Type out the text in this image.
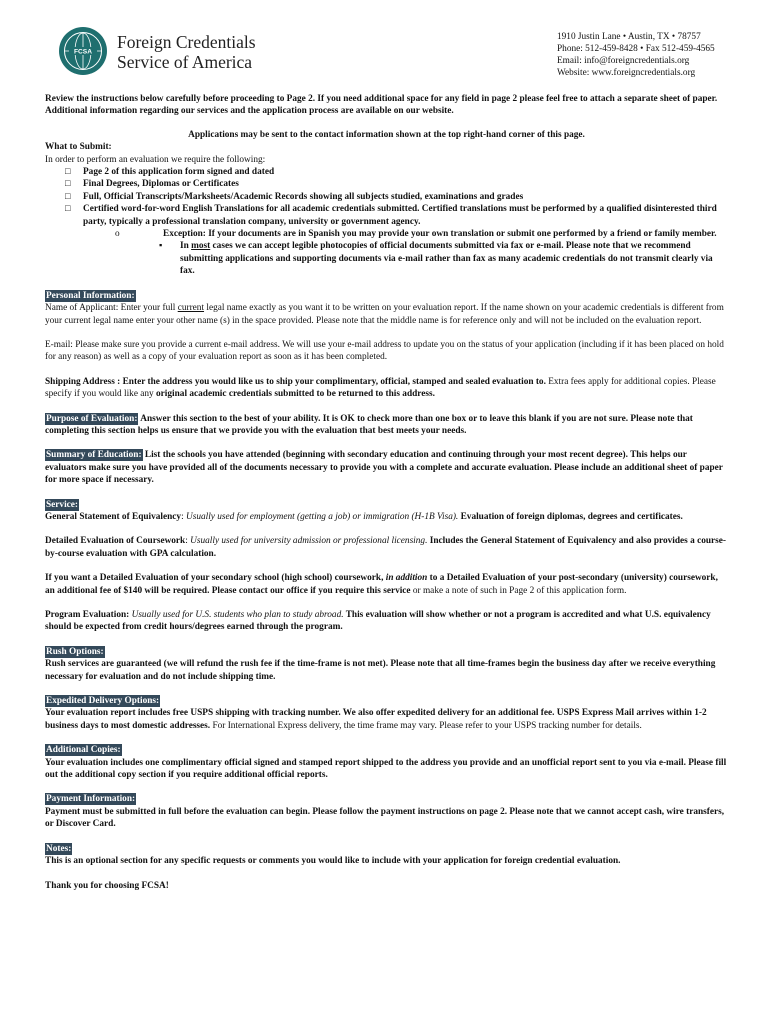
FCSA
Foreign Credentials
Service of America
1910 Justin Lane • Austin, TX • 78757
Phone: 512-459-8428 • Fax 512-459-4565
Email: info@foreigncredentials.org
Website: www.foreigncredentials.org

Review the instructions below carefully before proceeding to Page 2. If you need additional space for any field in page 2 please feel free to attach a separate sheet of paper. Additional information regarding our services and the application process are available on our website.

Applications may be sent to the contact information shown at the top right-hand corner of this page.

What to Submit:

In order to perform an evaluation we require the following:

□ Page 2 of this application form signed and dated
□ Final Degrees, Diplomas or Certificates
□ Full, Official Transcripts/Marksheets/Academic Records showing all subjects studied, examinations and grades
□ Certified word-for-word English Translations for all academic credentials submitted. Certified translations must be performed by a qualified disinterested third party, typically a professional translation company, university or government agency.
o	Exception: If your documents are in Spanish you may provide your own translation or submit one performed by a friend or family member.
▪ In most cases we can accept legible photocopies of official documents submitted via fax or e-mail. Please note that we recommend submitting applications and supporting documents via e-mail rather than fax as many academic credentials do not transmit clearly via fax.

Personal Information:

Name of Applicant: Enter your full current legal name exactly as you want it to be written on your evaluation report. If the name shown on your academic credentials is different from your current legal name enter your other name (s) in the space provided. Please note that the middle name is for reference only and will not be included on the evaluation report.

E-mail: Please make sure you provide a current e-mail address. We will use your e-mail address to update you on the status of your application (including if it has been placed on hold for any reason) as well as a copy of your evaluation report as soon as it has been completed.

Shipping Address : Enter the address you would like us to ship your complimentary, official, stamped and sealed evaluation to. Extra fees apply for additional copies. Please specify if you would like any original academic credentials submitted to be returned to this address.

Purpose of Evaluation: Answer this section to the best of your ability. It is OK to check more than one box or to leave this blank if you are not sure. Please note that completing this section helps us ensure that we provide you with the evaluation that best meets your needs.

Summary of Education: List the schools you have attended (beginning with secondary education and continuing through your most recent degree). This helps our evaluators make sure you have provided all of the documents necessary to provide you with a complete and accurate evaluation. Please include an additional sheet of paper for more space if necessary.

Service:

General Statement of Equivalency: Usually used for employment (getting a job) or immigration (H-1B Visa). Evaluation of foreign diplomas, degrees and certificates.

Detailed Evaluation of Coursework: Usually used for university admission or professional licensing. Includes the General Statement of Equivalency and also provides a course-by-course evaluation with GPA calculation.

If you want a Detailed Evaluation of your secondary school (high school) coursework, in addition to a Detailed Evaluation of your post-secondary (university) coursework, an additional fee of $140 will be required. Please contact our office if you require this service or make a note of such in Page 2 of this application form.

Program Evaluation: Usually used for U.S. students who plan to study abroad. This evaluation will show whether or not a program is accredited and what U.S. equivalency should be expected from credit hours/degrees earned through the program.

Rush Options:

Rush services are guaranteed (we will refund the rush fee if the time-frame is not met). Please note that all time-frames begin the business day after we receive everything necessary for evaluation and do not include shipping time.

Expedited Delivery Options:

Your evaluation report includes free USPS shipping with tracking number. We also offer expedited delivery for an additional fee. USPS Express Mail arrives within 1-2 business days to most domestic addresses. For International Express delivery, the time frame may vary. Please refer to your USPS tracking number for details.

Additional Copies:

Your evaluation includes one complimentary official signed and stamped report shipped to the address you provide and an unofficial report sent to you via e-mail. Please fill out the additional copy section if you require additional official reports.

Payment Information:

Payment must be submitted in full before the evaluation can begin. Please follow the payment instructions on page 2. Please note that we cannot accept cash, wire transfers, or Discover Card.

Notes:

This is an optional section for any specific requests or comments you would like to include with your application for foreign credential evaluation.

Thank you for choosing FCSA!
